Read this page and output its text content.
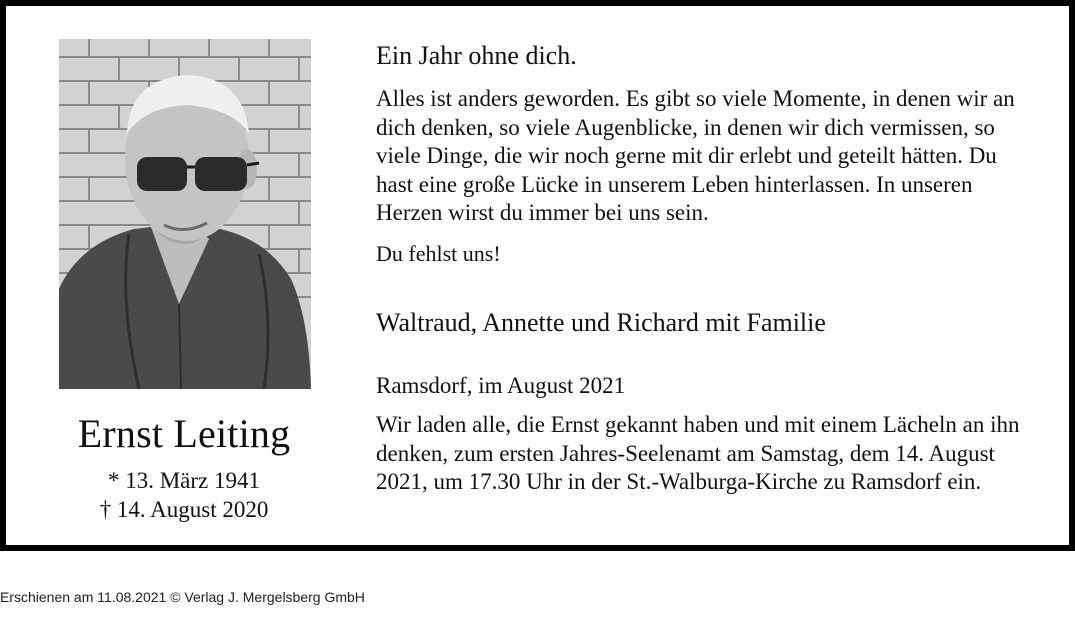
Ernst Leiting
* 13. März 1941
† 14. August 2020
Ein Jahr ohne dich.
Alles ist anders geworden. Es gibt so viele Momente, in denen wir an dich denken, so viele Augenblicke, in denen wir dich vermissen, so viele Dinge, die wir noch gerne mit dir erlebt und geteilt hätten. Du hast eine große Lücke in unserem Leben hinterlassen. In unseren Herzen wirst du immer bei uns sein.
Du fehlst uns!
Waltraud, Annette und Richard mit Familie
Ramsdorf, im August 2021
Wir laden alle, die Ernst gekannt haben und mit einem Lächeln an ihn denken, zum ersten Jahres-Seelenamt am Samstag, dem 14. August 2021, um 17.30 Uhr in der St.-Walburga-Kirche zu Ramsdorf ein.
Erschienen am 11.08.2021 © Verlag J. Mergelsberg GmbH
